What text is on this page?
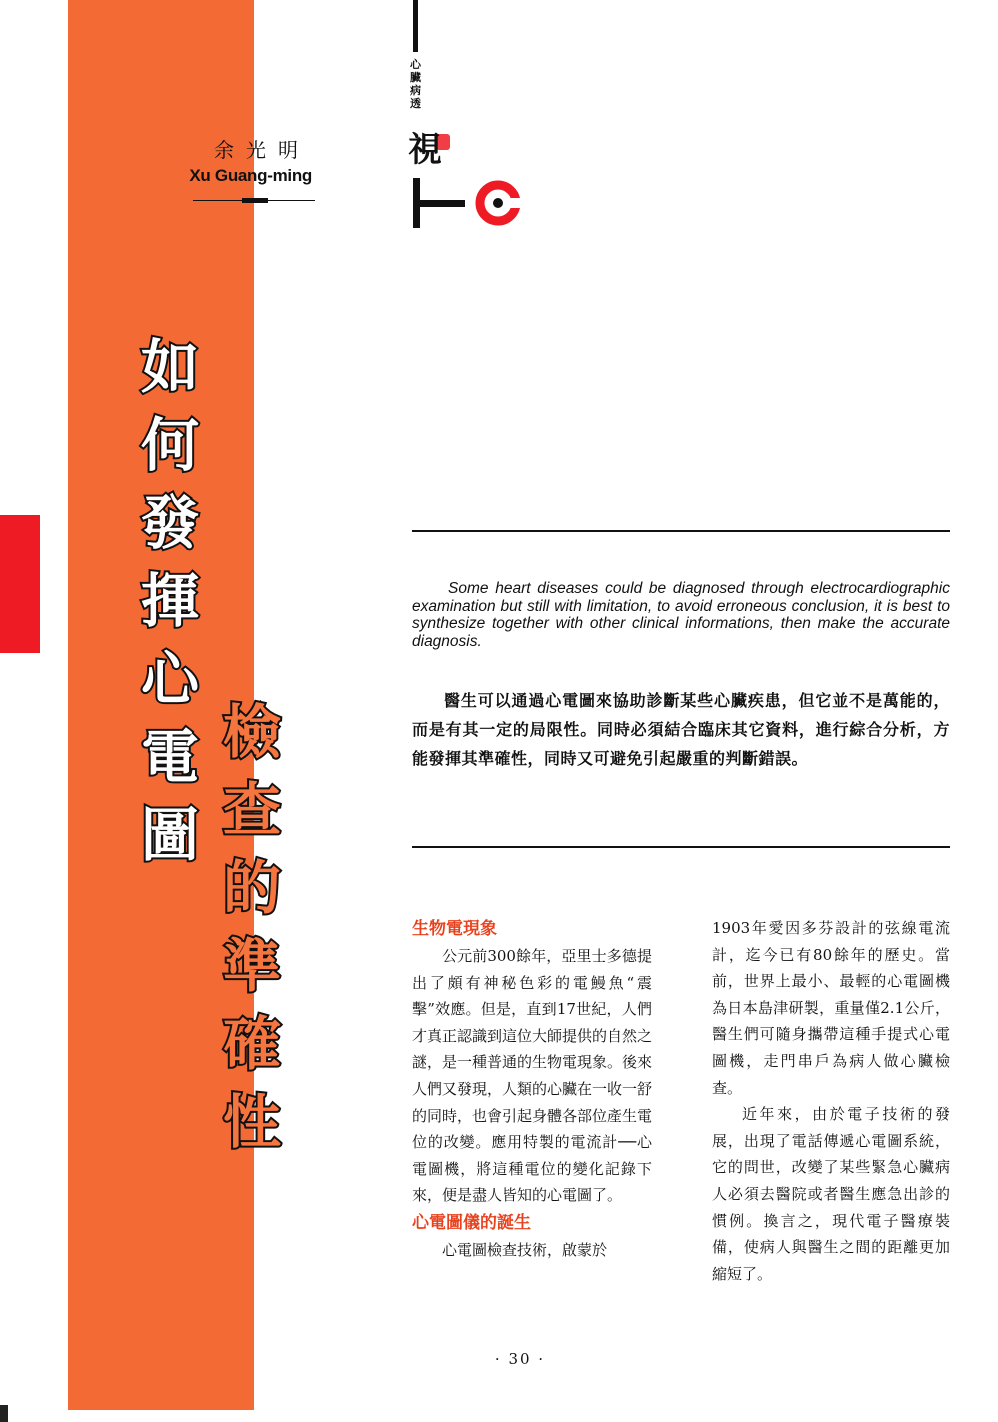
余光明
Xu Guang-ming
心臟病透
視
如
何
發
揮
心
電
圖
檢
查
的
準
確
性
Some heart diseases could be diagnosed through electrocardiographic examination but still with limitation, to avoid erroneous conclusion, it is best to synthesize together with other clinical informations, then make the accurate diagnosis.
醫生可以通過心電圖來協助診斷某些心臟疾患，但它並不是萬能的，而是有其一定的局限性。同時必須結合臨床其它資料，進行綜合分析，方能發揮其準確性，同時又可避免引起嚴重的判斷錯誤。
生物電現象

公元前300餘年，亞里士多德提出了頗有神秘色彩的電鰻魚“震擊”效應。但是，直到17世紀，人們才真正認識到這位大師提供的自然之謎，是一種普通的生物電現象。後來人們又發現，人類的心臟在一收一舒的同時，也會引起身體各部位產生電位的改變。應用特製的電流計──心電圖機，將這種電位的變化記錄下來，便是盡人皆知的心電圖了。

心電圖儀的誕生

心電圖檢查技術，啟蒙於

1903年愛因多芬設計的弦線電流計，迄今已有80餘年的歷史。當前，世界上最小、最輕的心電圖機為日本島津研製，重量僅2.1公斤，醫生們可隨身攜帶這種手提式心電圖機，走門串戶為病人做心臟檢查。

近年來，由於電子技術的發展，出現了電話傳遞心電圖系統，它的問世，改變了某些緊急心臟病人必須去醫院或者醫生應急出診的慣例。換言之，現代電子醫療裝備，使病人與醫生之間的距離更加縮短了。

· 30 ·
